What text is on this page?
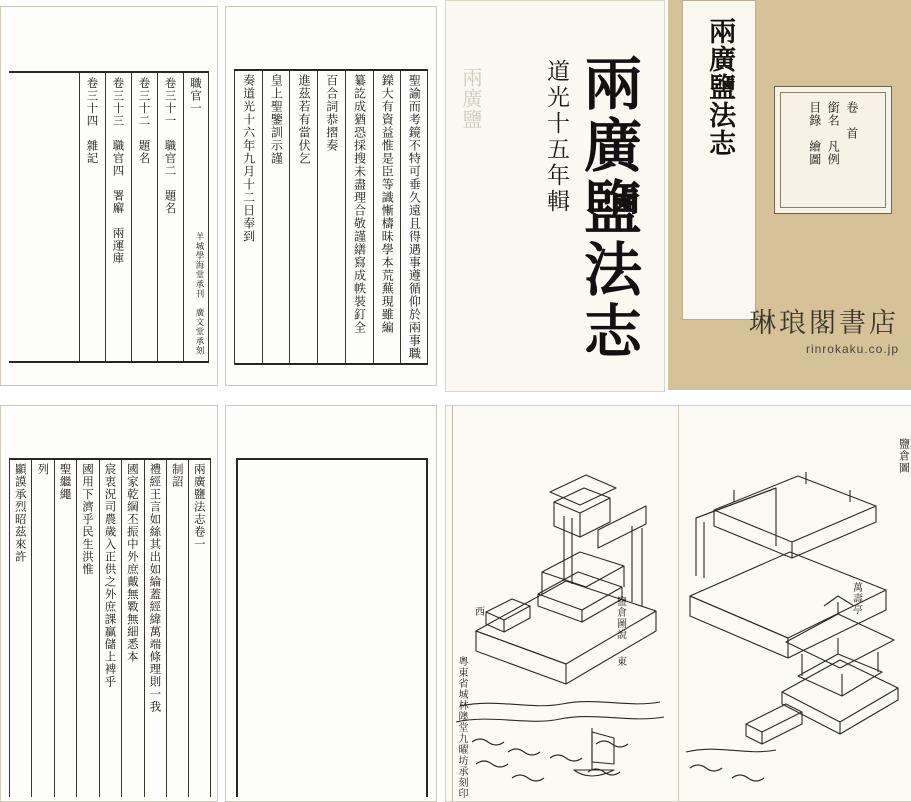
職官一
卷三十一　職官二　題名
卷三十二　題名
卷三十三　職官四　署廨　兩運庫
卷三十四　雜記
羊城學海堂承刊　廣文堂承刻	聖諭而考鏡不特可垂久遠且得遇事遵循仰於兩事職
鑅大有資益惟是臣等識慚檮昧學本荒蕪現雖編
纂訖成猶恐採搜未盡理合敬謹繕寫成帙裝釘全
百合詞恭摺奏
進茲若有當伏乞
皇上聖鑒訓示謹
奏道光十六年九月十二日奉到	兩廣鹽	道光十五年輯 兩廣鹽法志 兩廣鹽法志	卷　首
銜名　凡例
目錄　繪圖
琳琅閣書店
rinrokaku.co.jp
兩廣鹽法志卷一
制詔
禮經王言如絲其出如綸蓋經緯萬端條理則一我
國家乾綱丕振中外庶戴無斁無細悉本
宸衷況司農歲入正供之外庶課贏儲上裨乎
國用下濟乎民生洪惟
聖繼繩
列
顯謨承烈昭茲來許
鹽倉圖
西	萬壽亭
鹽倉圖說
東
粵東省城林隩堂九曜坊承刻印
